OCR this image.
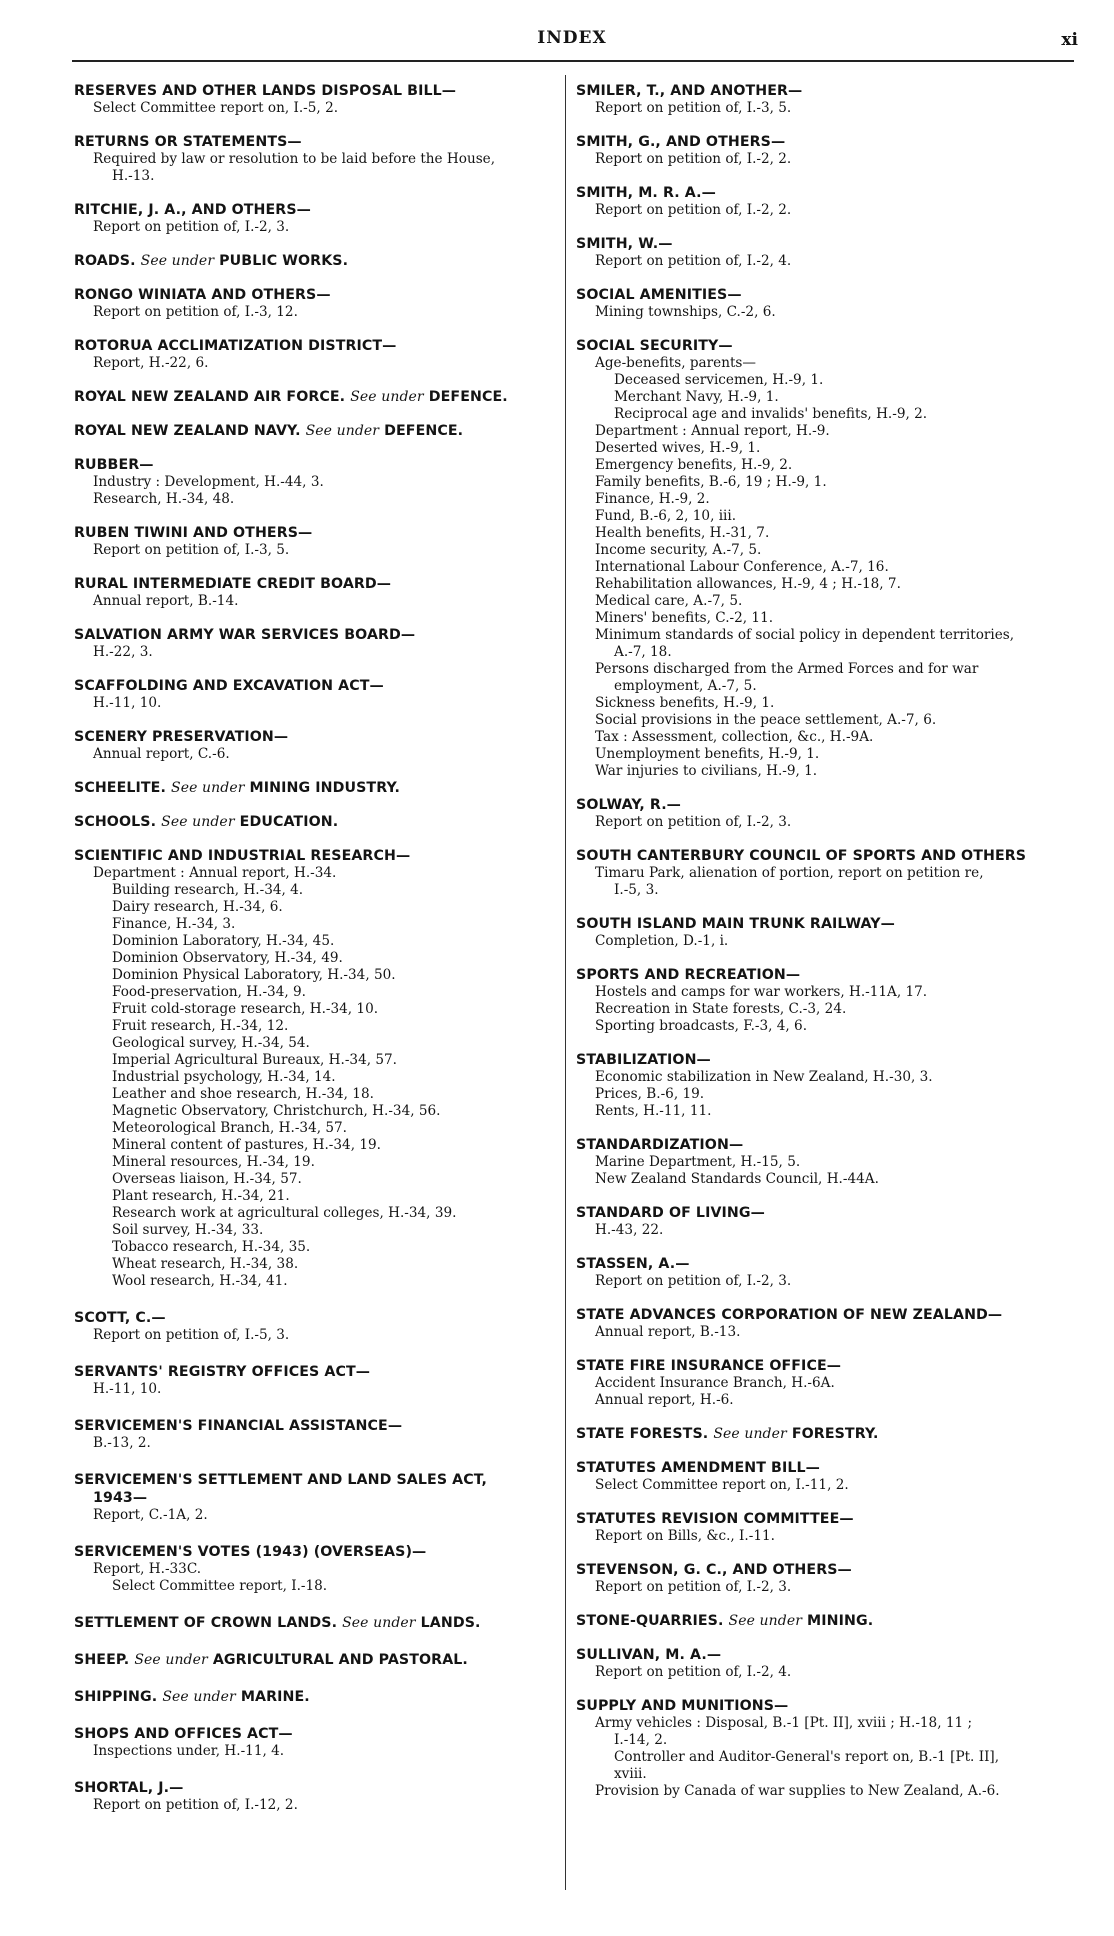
INDEX	xi
RESERVES AND OTHER LANDS DISPOSAL BILL—
Select Committee report on, I.-5, 2.
RETURNS OR STATEMENTS—
Required by law or resolution to be laid before the House,
H.-13.
RITCHIE, J. A., AND OTHERS—
Report on petition of, I.-2, 3.
ROADS. See under PUBLIC WORKS.
RONGO WINIATA AND OTHERS—
Report on petition of, I.-3, 12.
ROTORUA ACCLIMATIZATION DISTRICT—
Report, H.-22, 6.
ROYAL NEW ZEALAND AIR FORCE. See under DEFENCE.
ROYAL NEW ZEALAND NAVY. See under DEFENCE.
RUBBER—
Industry : Development, H.-44, 3.
Research, H.-34, 48.
RUBEN TIWINI AND OTHERS—
Report on petition of, I.-3, 5.
RURAL INTERMEDIATE CREDIT BOARD—
Annual report, B.-14.
SALVATION ARMY WAR SERVICES BOARD—
H.-22, 3.
SCAFFOLDING AND EXCAVATION ACT—
H.-11, 10.
SCENERY PRESERVATION—
Annual report, C.-6.
SCHEELITE. See under MINING INDUSTRY.
SCHOOLS. See under EDUCATION.
SCIENTIFIC AND INDUSTRIAL RESEARCH—
Department : Annual report, H.-34.
Building research, H.-34, 4.
Dairy research, H.-34, 6.
Finance, H.-34, 3.
Dominion Laboratory, H.-34, 45.
Dominion Observatory, H.-34, 49.
Dominion Physical Laboratory, H.-34, 50.
Food-preservation, H.-34, 9.
Fruit cold-storage research, H.-34, 10.
Fruit research, H.-34, 12.
Geological survey, H.-34, 54.
Imperial Agricultural Bureaux, H.-34, 57.
Industrial psychology, H.-34, 14.
Leather and shoe research, H.-34, 18.
Magnetic Observatory, Christchurch, H.-34, 56.
Meteorological Branch, H.-34, 57.
Mineral content of pastures, H.-34, 19.
Mineral resources, H.-34, 19.
Overseas liaison, H.-34, 57.
Plant research, H.-34, 21.
Research work at agricultural colleges, H.-34, 39.
Soil survey, H.-34, 33.
Tobacco research, H.-34, 35.
Wheat research, H.-34, 38.
Wool research, H.-34, 41.
SCOTT, C.—
Report on petition of, I.-5, 3.
SERVANTS' REGISTRY OFFICES ACT—
H.-11, 10.
SERVICEMEN'S FINANCIAL ASSISTANCE—
B.-13, 2.
SERVICEMEN'S SETTLEMENT AND LAND SALES ACT,
1943—
Report, C.-1A, 2.
SERVICEMEN'S VOTES (1943) (OVERSEAS)—
Report, H.-33C.
Select Committee report, I.-18.
SETTLEMENT OF CROWN LANDS. See under LANDS.
SHEEP. See under AGRICULTURAL AND PASTORAL.
SHIPPING. See under MARINE.
SHOPS AND OFFICES ACT—
Inspections under, H.-11, 4.
SHORTAL, J.—
Report on petition of, I.-12, 2.
SMILER, T., AND ANOTHER—
Report on petition of, I.-3, 5.
SMITH, G., AND OTHERS—
Report on petition of, I.-2, 2.
SMITH, M. R. A.—
Report on petition of, I.-2, 2.
SMITH, W.—
Report on petition of, I.-2, 4.
SOCIAL AMENITIES—
Mining townships, C.-2, 6.
SOCIAL SECURITY—
Age-benefits, parents—
Deceased servicemen, H.-9, 1.
Merchant Navy, H.-9, 1.
Reciprocal age and invalids' benefits, H.-9, 2.
Department : Annual report, H.-9.
Deserted wives, H.-9, 1.
Emergency benefits, H.-9, 2.
Family benefits, B.-6, 19 ; H.-9, 1.
Finance, H.-9, 2.
Fund, B.-6, 2, 10, iii.
Health benefits, H.-31, 7.
Income security, A.-7, 5.
International Labour Conference, A.-7, 16.
Rehabilitation allowances, H.-9, 4 ; H.-18, 7.
Medical care, A.-7, 5.
Miners' benefits, C.-2, 11.
Minimum standards of social policy in dependent territories,
A.-7, 18.
Persons discharged from the Armed Forces and for war
employment, A.-7, 5.
Sickness benefits, H.-9, 1.
Social provisions in the peace settlement, A.-7, 6.
Tax : Assessment, collection, &c., H.-9A.
Unemployment benefits, H.-9, 1.
War injuries to civilians, H.-9, 1.
SOLWAY, R.—
Report on petition of, I.-2, 3.
SOUTH CANTERBURY COUNCIL OF SPORTS AND OTHERS
Timaru Park, alienation of portion, report on petition re,
I.-5, 3.
SOUTH ISLAND MAIN TRUNK RAILWAY—
Completion, D.-1, i.
SPORTS AND RECREATION—
Hostels and camps for war workers, H.-11A, 17.
Recreation in State forests, C.-3, 24.
Sporting broadcasts, F.-3, 4, 6.
STABILIZATION—
Economic stabilization in New Zealand, H.-30, 3.
Prices, B.-6, 19.
Rents, H.-11, 11.
STANDARDIZATION—
Marine Department, H.-15, 5.
New Zealand Standards Council, H.-44A.
STANDARD OF LIVING—
H.-43, 22.
STASSEN, A.—
Report on petition of, I.-2, 3.
STATE ADVANCES CORPORATION OF NEW ZEALAND—
Annual report, B.-13.
STATE FIRE INSURANCE OFFICE—
Accident Insurance Branch, H.-6A.
Annual report, H.-6.
STATE FORESTS. See under FORESTRY.
STATUTES AMENDMENT BILL—
Select Committee report on, I.-11, 2.
STATUTES REVISION COMMITTEE—
Report on Bills, &c., I.-11.
STEVENSON, G. C., AND OTHERS—
Report on petition of, I.-2, 3.
STONE-QUARRIES. See under MINING.
SULLIVAN, M. A.—
Report on petition of, I.-2, 4.
SUPPLY AND MUNITIONS—
Army vehicles : Disposal, B.-1 [Pt. II], xviii ; H.-18, 11 ;
I.-14, 2.
Controller and Auditor-General's report on, B.-1 [Pt. II],
xviii.
Provision by Canada of war supplies to New Zealand, A.-6.
